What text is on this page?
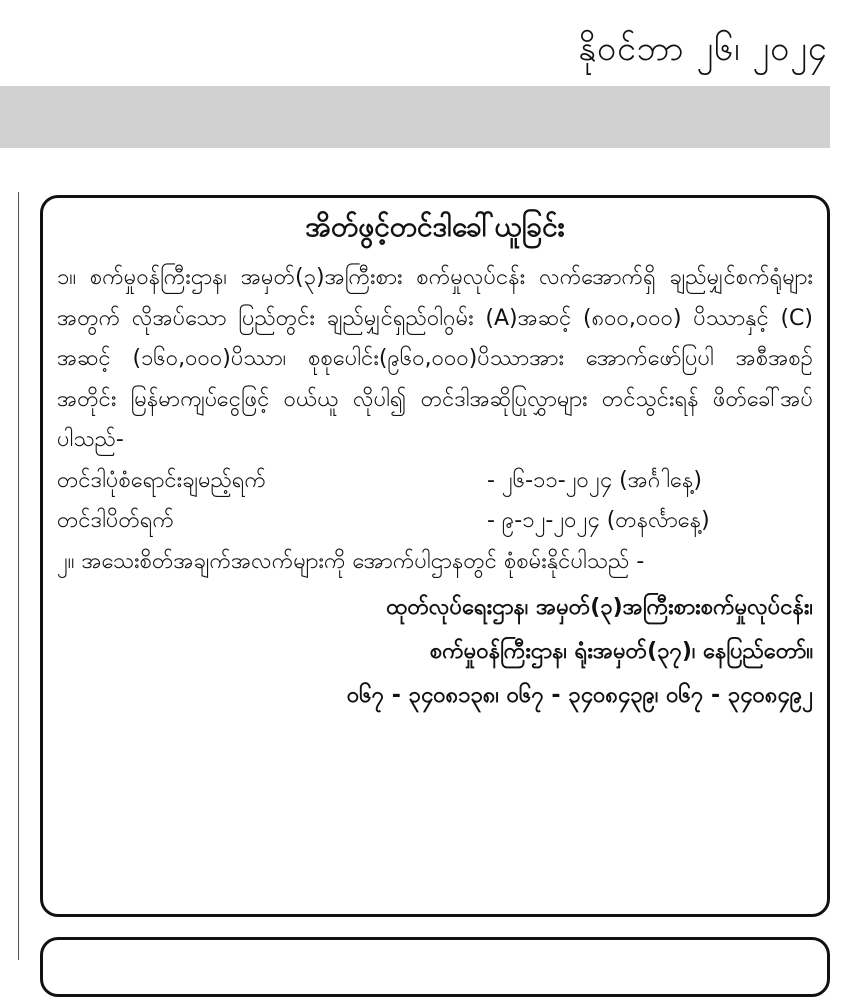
နိုဝင်ဘာ ၂၆၊ ၂၀၂၄
အိတ်ဖွင့်တင်ဒါခေါ်ယူခြင်း

၁။ စက်မှုဝန်ကြီးဌာန၊ အမှတ်(၃)အကြီးစား စက်မှုလုပ်ငန်း လက်အောက်ရှိ ချည်မျှင်စက်ရုံများအတွက် လိုအပ်သော ပြည်တွင်း ချည်မျှင်ရှည်ဝါဂွမ်း (A)အဆင့် (၈၀၀,၀၀၀) ပိဿာနှင့် (C) အဆင့် (၁၆၀,၀၀၀)ပိဿာ၊ စုစုပေါင်း(၉၆၀,၀၀၀)ပိဿာအား အောက်ဖော်ပြပါ အစီအစဉ်အတိုင်း မြန်မာကျပ်ငွေဖြင့် ဝယ်ယူ လိုပါ၍ တင်ဒါအဆိုပြုလွှာများ တင်သွင်းရန် ဖိတ်ခေါ်အပ်ပါသည်-

တင်ဒါပုံစံရောင်းချမည့်ရက်	- ၂၆-၁၁-၂၀၂၄ (အင်္ဂါနေ့)
တင်ဒါပိတ်ရက်	- ၉-၁၂-၂၀၂၄ (တနင်္လာနေ့)

၂။ အသေးစိတ်အချက်အလက်များကို အောက်ပါဌာနတွင် စုံစမ်းနိုင်ပါသည် -

ထုတ်လုပ်ရေးဌာန၊ အမှတ်(၃)အကြီးစားစက်မှုလုပ်ငန်း၊
စက်မှုဝန်ကြီးဌာန၊ ရုံးအမှတ်(၃၇)၊ နေပြည်တော်။
၀၆၇ - ၃၄၀၈၁၃၈၊ ၀၆၇ - ၃၄၀၈၄၃၉၊ ၀၆၇ - ၃၄၀၈၄၉၂
